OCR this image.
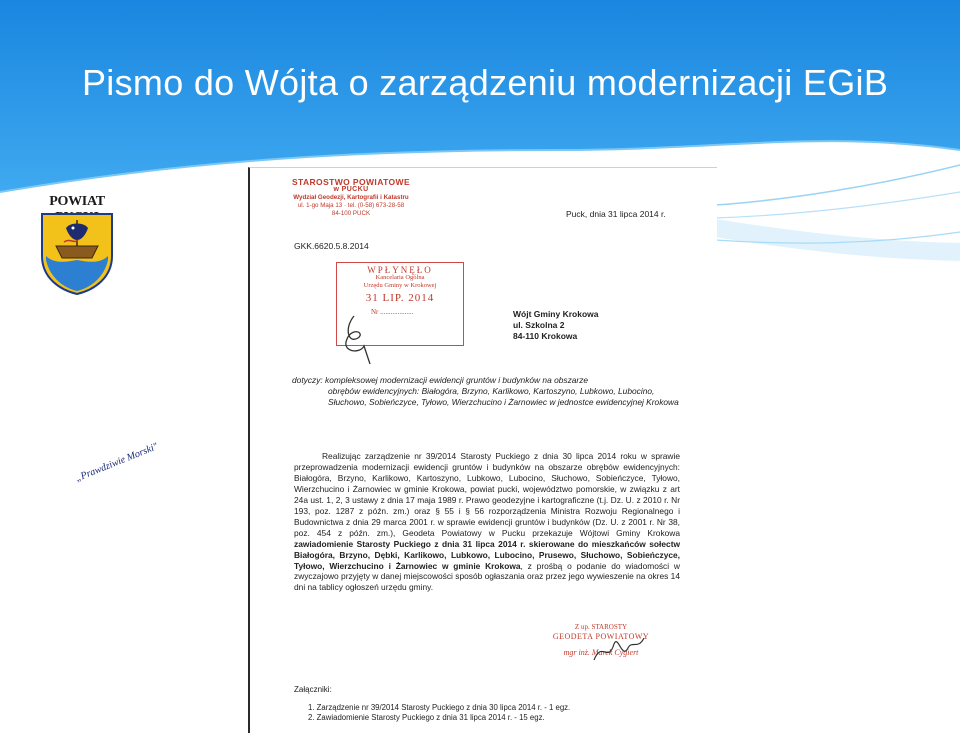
Pismo do Wójta o zarządzeniu modernizacji EGiB
POWIAT
„Prawdziwie Morski"
STAROSTWO POWIATOWE
w PUCKU
Wydział Geodezji, Kartografii i Katastru
ul. 1-go Maja 13 · tel. (0-58) 673-28-58
84-100 PUCK	Puck, dnia 31 lipca 2014 r.
GKK.6620.5.8.2014
WPŁYNĘŁO
Kancelaria Ogólna
Urzędu Gminy w Krokowej
31 LIP. 2014
Nr ...................	Wójt Gminy Krokowa
ul. Szkolna 2
84-110 Krokowa
dotyczy: kompleksowej modernizacji ewidencji gruntów i budynków na obszarze
obrębów ewidencyjnych: Białogóra, Brzyno, Karlikowo, Kartoszyno, Lubkowo, Lubocino, Słuchowo, Sobieńczyce, Tyłowo, Wierzchucino i Żarnowiec w jednostce ewidencyjnej Krokowa
Realizując zarządzenie nr 39/2014 Starosty Puckiego z dnia 30 lipca 2014 roku w sprawie przeprowadzenia modernizacji ewidencji gruntów i budynków na obszarze obrębów ewidencyjnych: Białogóra, Brzyno, Karlikowo, Kartoszyno, Lubkowo, Lubocino, Słuchowo, Sobieńczyce, Tyłowo, Wierzchucino i Żarnowiec w gminie Krokowa, powiat pucki, województwo pomorskie, w związku z art 24a ust. 1, 2, 3 ustawy z dnia 17 maja 1989 r. Prawo geodezyjne i kartograficzne (t.j. Dz. U. z 2010 r. Nr 193, poz. 1287 z późn. zm.) oraz § 55 i § 56 rozporządzenia Ministra Rozwoju Regionalnego i Budownictwa z dnia 29 marca 2001 r. w sprawie ewidencji gruntów i budynków (Dz. U. z 2001 r. Nr 38, poz. 454 z późn. zm.), Geodeta Powiatowy w Pucku przekazuje Wójtowi Gminy Krokowa zawiadomienie Starosty Puckiego z dnia 31 lipca 2014 r. skierowane do mieszkańców sołectw Białogóra, Brzyno, Dębki, Karlikowo, Lubkowo, Lubocino, Prusewo, Słuchowo, Sobieńczyce, Tyłowo, Wierzchucino i Żarnowiec w gminie Krokowa, z prośbą o podanie do wiadomości w zwyczajowo przyjęty w danej miejscowości sposób ogłaszania oraz przez jego wywieszenie na okres 14 dni na tablicy ogłoszeń urzędu gminy.
Z up. STAROSTY
GEODETA POWIATOWY
mgr inż. Marek Cygiert
Załączniki:
1. Zarządzenie nr 39/2014 Starosty Puckiego z dnia 30 lipca 2014 r. - 1 egz.
2. Zawiadomienie Starosty Puckiego z dnia 31 lipca 2014 r. - 15 egz.
